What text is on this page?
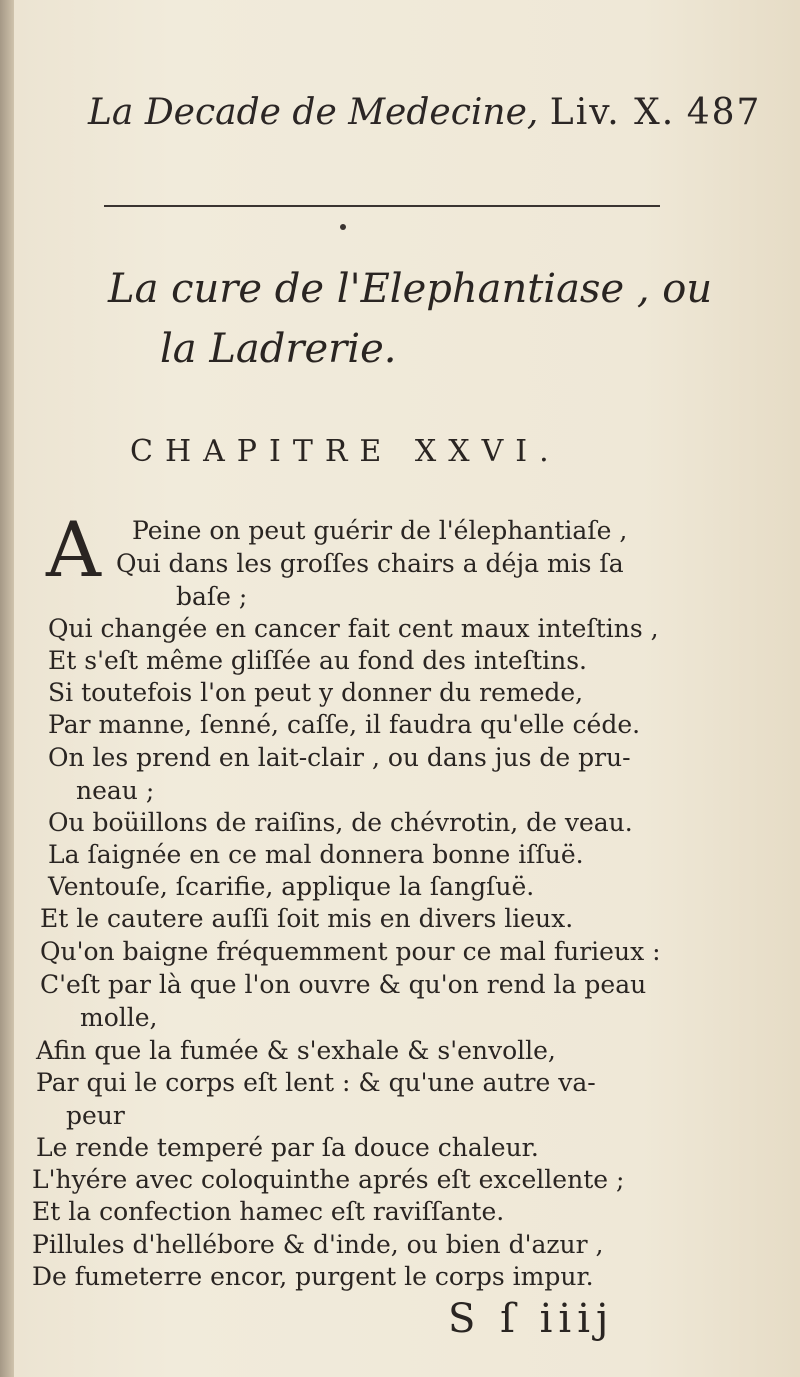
La Decade de Medecine, Liv. X. 487
La cure de l'Elephantiase , ou
la Ladrerie.
CHAPITRE XXVI.
A Peine on peut guérir de l'élephantiaſe ,
Qui dans les groſſes chairs a déja mis ſa
baſe ;
Qui changée en cancer fait cent maux inteſtins ,
Et s'eſt même gliſſée au fond des inteſtins.
Si toutefois l'on peut y donner du remede,
Par manne, ſenné, caſſe, il faudra qu'elle céde.
On les prend en lait-clair , ou dans jus de pru-
neau ;
Ou boüillons de raiſins, de chévrotin, de veau.
La ſaignée en ce mal donnera bonne iſſuë.
Ventouſe, ſcarifie, applique la ſangſuë.
Et le cautere auſſi ſoit mis en divers lieux.
Qu'on baigne fréquemment pour ce mal furieux :
C'eſt par là que l'on ouvre & qu'on rend la peau
molle,
Afin que la fumée & s'exhale & s'envolle,
Par qui le corps eſt lent : & qu'une autre va-
peur
Le rende temperé par ſa douce chaleur.
L'hyére avec coloquinthe aprés eſt excellente ;
Et la confection hamec eſt raviſſante.
Pillules d'hellébore & d'inde, ou bien d'azur ,
De fumeterre encor, purgent le corps impur.
S ſ iiij
